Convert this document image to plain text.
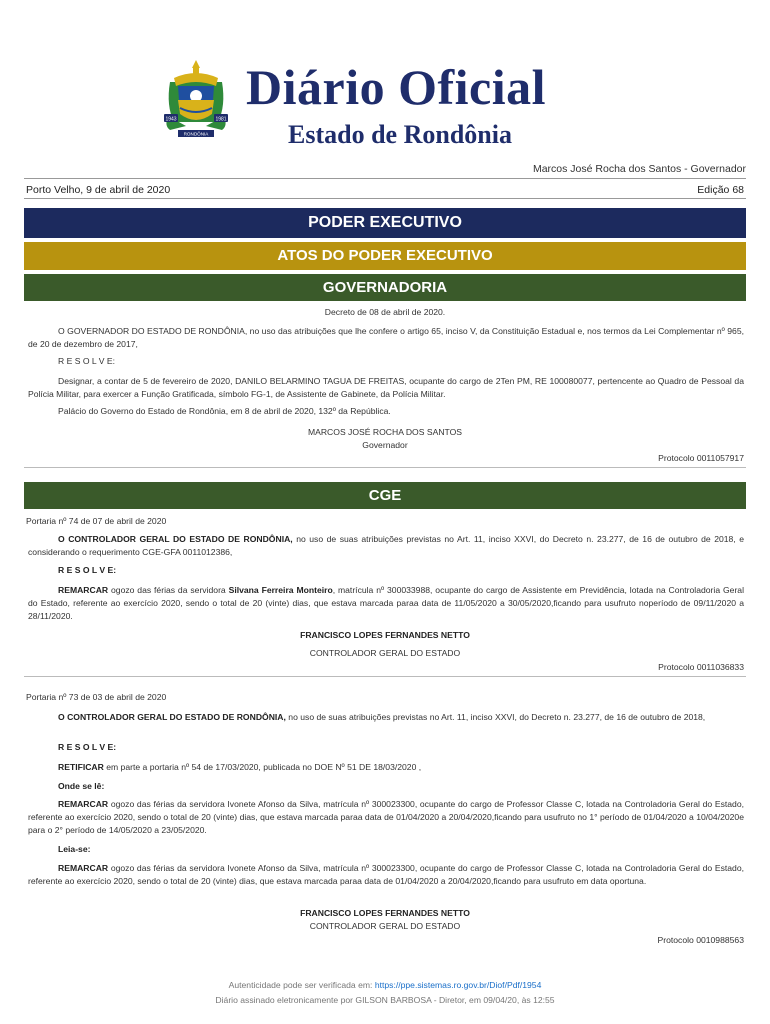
1943	1981
RONDÔNIA
Diário Oficial
Estado de Rondônia
Marcos José Rocha dos Santos - Governador
Porto Velho, 9 de abril de 2020	Edição 68
PODER EXECUTIVO
ATOS DO PODER EXECUTIVO
GOVERNADORIA
Decreto de 08 de abril de 2020.
O GOVERNADOR DO ESTADO DE RONDÔNIA, no uso das atribuições que lhe confere o artigo 65, inciso V, da Constituição Estadual e, nos termos da Lei Complementar nº 965, de 20 de dezembro de 2017,
R E S O L V E:
Designar, a contar de 5 de fevereiro de 2020, DANILO BELARMINO TAGUA DE FREITAS, ocupante do cargo de 2Ten PM, RE 100080077, pertencente ao Quadro de Pessoal da Polícia Militar, para exercer a Função Gratificada, símbolo FG-1, de Assistente de Gabinete, da Polícia Militar.
Palácio do Governo do Estado de Rondônia, em 8 de abril de 2020, 132º da República.
MARCOS JOSÉ ROCHA DOS SANTOS
Governador
Protocolo 0011057917
CGE
Portaria nº 74 de 07 de abril de 2020
O CONTROLADOR GERAL DO ESTADO DE RONDÔNIA, no uso de suas atribuições previstas no Art. 11, inciso XXVI, do Decreto n. 23.277, de 16 de outubro de 2018, e considerando o requerimento CGE-GFA 0011012386,
R E S O L V E:
REMARCAR ogozo das férias da servidora Silvana Ferreira Monteiro, matrícula nº 300033988, ocupante do cargo de Assistente em Previdência, lotada na Controladoria Geral do Estado, referente ao exercício 2020, sendo o total de 20 (vinte) dias, que estava marcada paraa data de 11/05/2020 a 30/05/2020,ficando para usufruto noperíodo de 09/11/2020 a 28/11/2020.
FRANCISCO LOPES FERNANDES NETTO
CONTROLADOR GERAL DO ESTADO
Protocolo 0011036833
Portaria nº 73 de 03 de abril de 2020
O CONTROLADOR GERAL DO ESTADO DE RONDÔNIA, no uso de suas atribuições previstas no Art. 11, inciso XXVI, do Decreto n. 23.277, de 16 de outubro de 2018,
R E S O L V E:
RETIFICAR em parte a portaria nº 54 de 17/03/2020, publicada no DOE Nº 51 DE 18/03/2020 ,
Onde se lê:
REMARCAR ogozo das férias da servidora Ivonete Afonso da Silva, matrícula nº 300023300, ocupante do cargo de Professor Classe C, lotada na Controladoria Geral do Estado, referente ao exercício 2020, sendo o total de 20 (vinte) dias, que estava marcada paraa data de 01/04/2020 a 20/04/2020,ficando para usufruto no 1° período de 01/04/2020 a 10/04/2020e para o 2° período de 14/05/2020 a 23/05/2020.
Leia-se:
REMARCAR ogozo das férias da servidora Ivonete Afonso da Silva, matrícula nº 300023300, ocupante do cargo de Professor Classe C, lotada na Controladoria Geral do Estado, referente ao exercício 2020, sendo o total de 20 (vinte) dias, que estava marcada paraa data de 01/04/2020 a 20/04/2020,ficando para usufruto em data oportuna.
FRANCISCO LOPES FERNANDES NETTO
CONTROLADOR GERAL DO ESTADO
Protocolo 0010988563
Autenticidade pode ser verificada em: https://ppe.sistemas.ro.gov.br/Diof/Pdf/1954
Diário assinado eletronicamente por GILSON BARBOSA - Diretor, em 09/04/20, às 12:55
